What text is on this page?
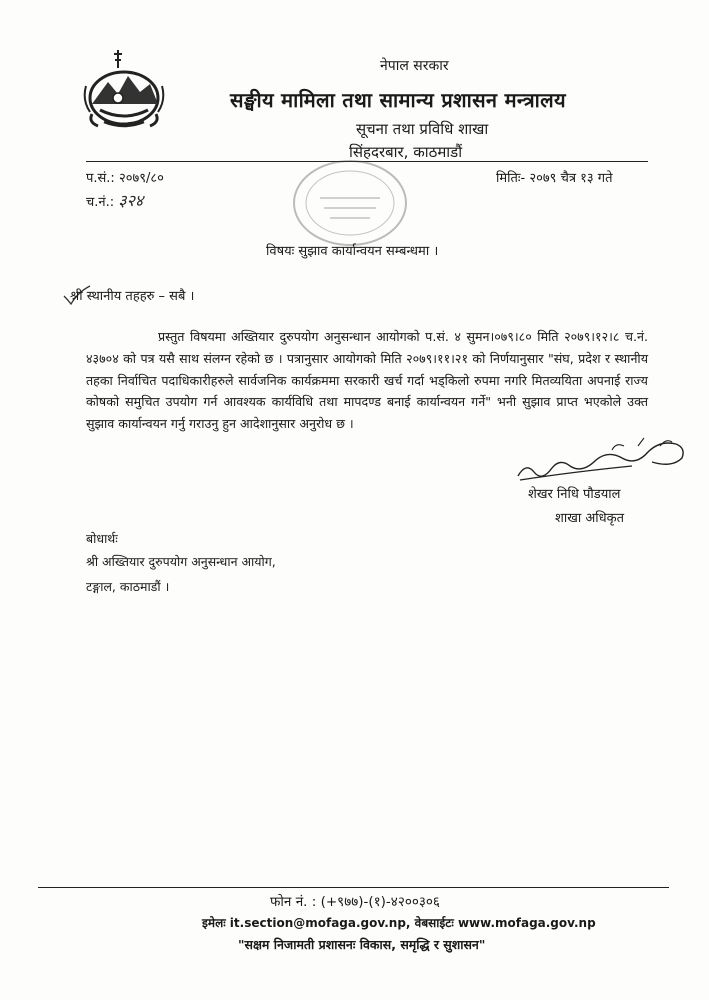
नेपाल सरकार
सङ्घीय मामिला तथा सामान्य प्रशासन मन्त्रालय
सूचना तथा प्रविधि शाखा
सिंहदरबार, काठमाडौं
प.सं.: २०७९/८०
च.नं.: ३२४
मितिः- २०७९ चैत्र १३ गते
विषयः सुझाव कार्यान्वयन सम्बन्धमा ।
श्री स्थानीय तहहरु – सबै ।
प्रस्तुत विषयमा अख्तियार दुरुपयोग अनुसन्धान आयोगको प.सं. ४ सुमन।०७९।८० मिति २०७९।१२।८ च.नं. ४३७०४ को पत्र यसै साथ संलग्न रहेको छ । पत्रानुसार आयोगको मिति २०७९।११।२१ को निर्णयानुसार "संघ, प्रदेश र स्थानीय तहका निर्वाचित पदाधिकारीहरुले सार्वजनिक कार्यक्रममा सरकारी खर्च गर्दा भड्किलो रुपमा नगरि मितव्ययिता अपनाई राज्य कोषको समुचित उपयोग गर्न आवश्यक कार्यविधि तथा मापदण्ड बनाई कार्यान्वयन गर्ने" भनी सुझाव प्राप्त भएकोले उक्त सुझाव कार्यान्वयन गर्नु गराउनु हुन आदेशानुसार अनुरोध छ ।
शेखर निधि पौडयाल
शाखा अधिकृत
बोधार्थः
श्री अख्तियार दुरुपयोग अनुसन्धान आयोग,
टङ्गाल, काठमाडौं ।
फोन नं. : (+९७७)-(१)-४२००३०६
इमेलः it.section@mofaga.gov.np, वेबसाईटः www.mofaga.gov.np
"सक्षम निजामती प्रशासनः विकास, समृद्धि र सुशासन"
